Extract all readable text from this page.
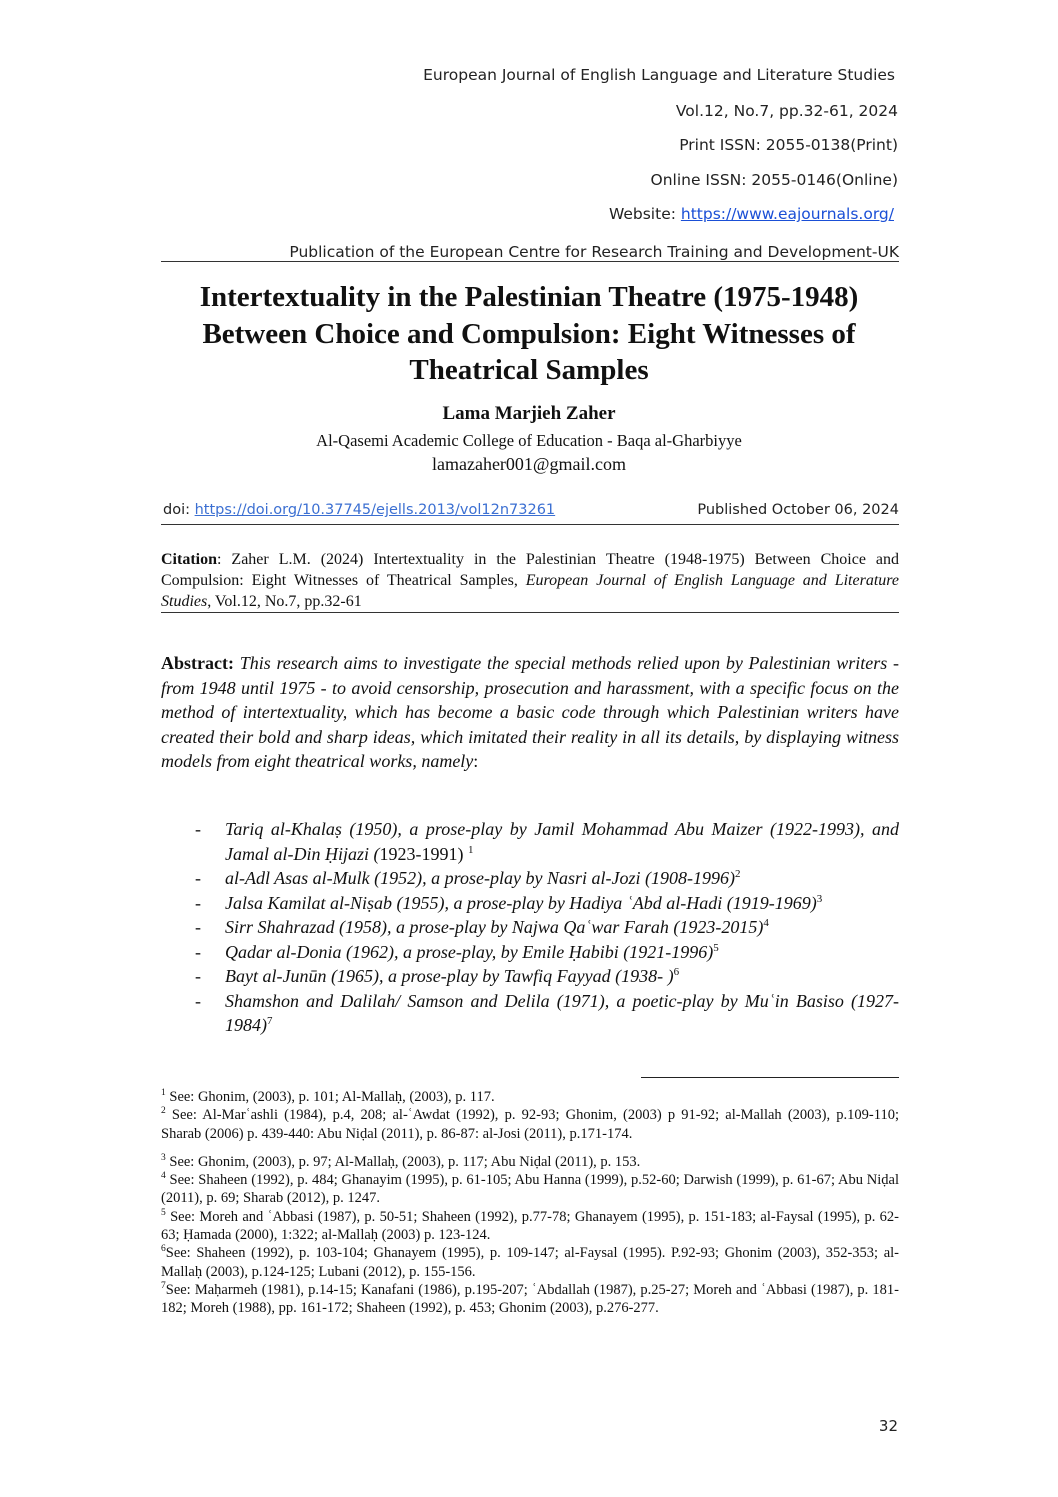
European Journal of English Language and Literature Studies
Vol.12, No.7, pp.32-61, 2024
Print ISSN: 2055-0138(Print)
Online ISSN: 2055-0146(Online)
Website: https://www.eajournals.org/
Publication of the European Centre for Research Training and Development-UK
Intertextuality in the Palestinian Theatre (1975-1948)
Between Choice and Compulsion: Eight Witnesses of
Theatrical Samples
Lama Marjieh Zaher
Al-Qasemi Academic College of Education - Baqa al-Gharbiyye
lamazaher001@gmail.com
doi: https://doi.org/10.37745/ejells.2013/vol12n73261	Published October 06, 2024
Citation: Zaher L.M. (2024) Intertextuality in the Palestinian Theatre (1948-1975) Between Choice and Compulsion: Eight Witnesses of Theatrical Samples, European Journal of English Language and Literature Studies, Vol.12, No.7, pp.32-61
Abstract: This research aims to investigate the special methods relied upon by Palestinian writers - from 1948 until 1975 - to avoid censorship, prosecution and harassment, with a specific focus on the method of intertextuality, which has become a basic code through which Palestinian writers have created their bold and sharp ideas, which imitated their reality in all its details, by displaying witness models from eight theatrical works, namely:
- Tariq al-Khalaṣ (1950), a prose-play by Jamil Mohammad Abu Maizer (1922-1993), and Jamal al-Din Ḥijazi (1923-1991) $^1$
- al-Adl Asas al-Mulk (1952), a prose-play by Nasri al-Jozi (1908-1996)$^2$
- Jalsa Kamilat al-Niṣab (1955), a prose-play by Hadiya ʿAbd al-Hadi (1919-1969)$^3$
- Sirr Shahrazad (1958), a prose-play by Najwa Qaʿwar Farah (1923-2015)$^4$
- Qadar al-Donia (1962), a prose-play, by Emile Ḥabibi (1921-1996)$^5$
- Bayt al-Junūn (1965), a prose-play by Tawfiq Fayyad (1938- )$^6$
- Shamshon and Dalilah/ Samson and Delila (1971), a poetic-play by Muʿin Basiso (1927-1984)$^7$
$^1$ See: Ghonim, (2003), p. 101; Al-Mallaḥ, (2003), p. 117.
$^2$ See: Al-Marʿashli (1984), p.4, 208; al-ʿAwdat (1992), p. 92-93; Ghonim, (2003) p 91-92; al-Mallah (2003), p.109-110; Sharab (2006) p. 439-440: Abu Niḍal (2011), p. 86-87: al-Josi (2011), p.171-174.
$^3$ See: Ghonim, (2003), p. 97; Al-Mallaḥ, (2003), p. 117; Abu Niḍal (2011), p. 153.
$^4$ See: Shaheen (1992), p. 484; Ghanayim (1995), p. 61-105; Abu Hanna (1999), p.52-60; Darwish (1999), p. 61-67; Abu Niḍal (2011), p. 69; Sharab (2012), p. 1247.
$^5$ See: Moreh and ʿAbbasi (1987), p. 50-51; Shaheen (1992), p.77-78; Ghanayem (1995), p. 151-183; al-Faysal (1995), p. 62-63; Ḥamada (2000), 1:322; al-Mallaḥ (2003) p. 123-124.
$^6$See: Shaheen (1992), p. 103-104; Ghanayem (1995), p. 109-147; al-Faysal (1995). P.92-93; Ghonim (2003), 352-353; al-Mallaḥ (2003), p.124-125; Lubani (2012), p. 155-156.
$^7$See: Maḥarmeh (1981), p.14-15; Kanafani (1986), p.195-207; ʿAbdallah (1987), p.25-27; Moreh and ʿAbbasi (1987), p. 181-182; Moreh (1988), pp. 161-172; Shaheen (1992), p. 453; Ghonim (2003), p.276-277.
32
